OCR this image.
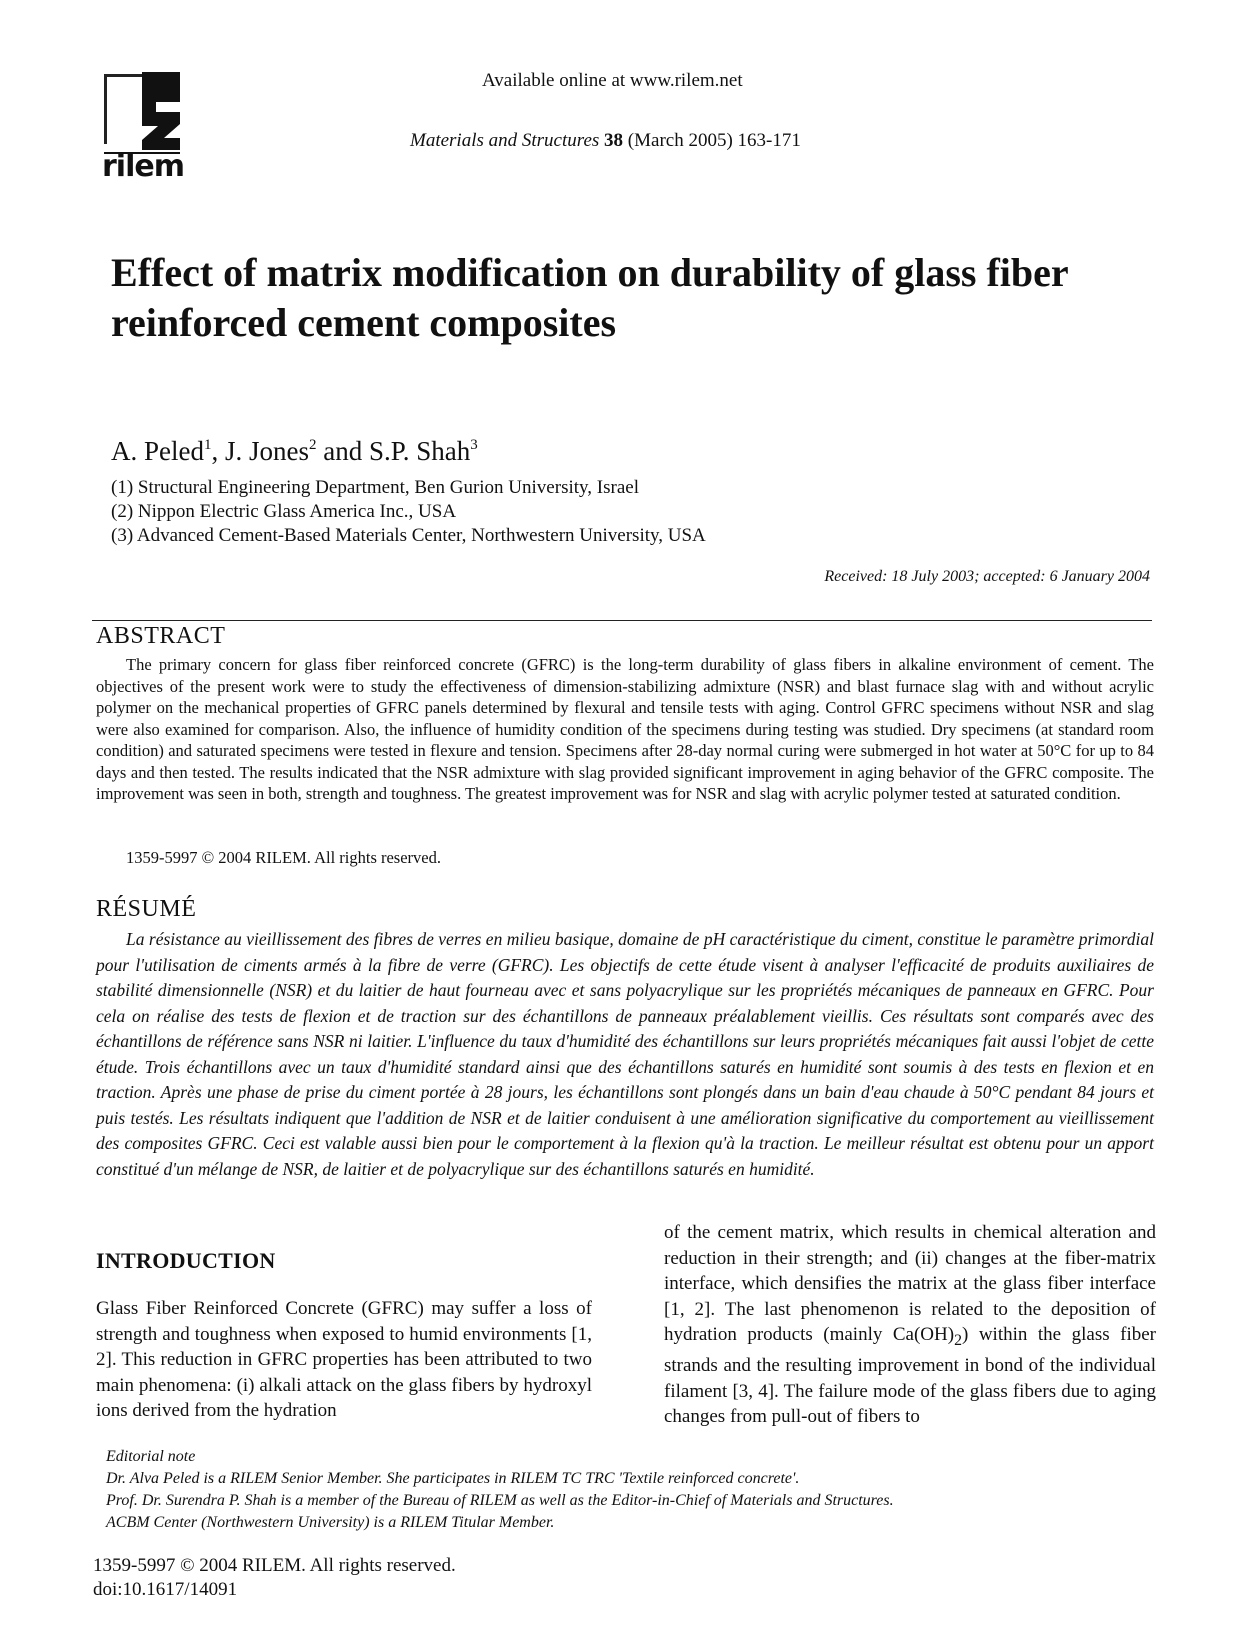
rilem
Available online at www.rilem.net
Materials and Structures 38 (March 2005) 163-171
Effect of matrix modification on durability of glass fiber reinforced cement composites
A. Peled$^1$, J. Jones$^2$ and S.P. Shah$^3$
(1) Structural Engineering Department, Ben Gurion University, Israel
(2) Nippon Electric Glass America Inc., USA
(3) Advanced Cement-Based Materials Center, Northwestern University, USA
Received: 18 July 2003; accepted: 6 January 2004
ABSTRACT
The primary concern for glass fiber reinforced concrete (GFRC) is the long-term durability of glass fibers in alkaline environment of cement. The objectives of the present work were to study the effectiveness of dimension-stabilizing admixture (NSR) and blast furnace slag with and without acrylic polymer on the mechanical properties of GFRC panels determined by flexural and tensile tests with aging. Control GFRC specimens without NSR and slag were also examined for comparison. Also, the influence of humidity condition of the specimens during testing was studied. Dry specimens (at standard room condition) and saturated specimens were tested in flexure and tension. Specimens after 28-day normal curing were submerged in hot water at 50°C for up to 84 days and then tested. The results indicated that the NSR admixture with slag provided significant improvement in aging behavior of the GFRC composite. The improvement was seen in both, strength and toughness. The greatest improvement was for NSR and slag with acrylic polymer tested at saturated condition.
1359-5997 © 2004 RILEM. All rights reserved.
RÉSUMÉ
La résistance au vieillissement des fibres de verres en milieu basique, domaine de pH caractéristique du ciment, constitue le paramètre primordial pour l'utilisation de ciments armés à la fibre de verre (GFRC). Les objectifs de cette étude visent à analyser l'efficacité de produits auxiliaires de stabilité dimensionnelle (NSR) et du laitier de haut fourneau avec et sans polyacrylique sur les propriétés mécaniques de panneaux en GFRC. Pour cela on réalise des tests de flexion et de traction sur des échantillons de panneaux préalablement vieillis. Ces résultats sont comparés avec des échantillons de référence sans NSR ni laitier. L'influence du taux d'humidité des échantillons sur leurs propriétés mécaniques fait aussi l'objet de cette étude. Trois échantillons avec un taux d'humidité standard ainsi que des échantillons saturés en humidité sont soumis à des tests en flexion et en traction. Après une phase de prise du ciment portée à 28 jours, les échantillons sont plongés dans un bain d'eau chaude à 50°C pendant 84 jours et puis testés. Les résultats indiquent que l'addition de NSR et de laitier conduisent à une amélioration significative du comportement au vieillissement des composites GFRC. Ceci est valable aussi bien pour le comportement à la flexion qu'à la traction. Le meilleur résultat est obtenu pour un apport constitué d'un mélange de NSR, de laitier et de polyacrylique sur des échantillons saturés en humidité.
INTRODUCTION
Glass Fiber Reinforced Concrete (GFRC) may suffer a loss of strength and toughness when exposed to humid environments [1, 2]. This reduction in GFRC properties has been attributed to two main phenomena: (i) alkali attack on the glass fibers by hydroxyl ions derived from the hydration
of the cement matrix, which results in chemical alteration and reduction in their strength; and (ii) changes at the fiber-matrix interface, which densifies the matrix at the glass fiber interface [1, 2]. The last phenomenon is related to the deposition of hydration products (mainly $Ca(OH)_2$) within the glass fiber strands and the resulting improvement in bond of the individual filament [3, 4]. The failure mode of the glass fibers due to aging changes from pull-out of fibers to
Editorial note
Dr. Alva Peled is a RILEM Senior Member. She participates in RILEM TC TRC 'Textile reinforced concrete'.
Prof. Dr. Surendra P. Shah is a member of the Bureau of RILEM as well as the Editor-in-Chief of Materials and Structures.
ACBM Center (Northwestern University) is a RILEM Titular Member.
1359-5997 © 2004 RILEM. All rights reserved.
doi:10.1617/14091
